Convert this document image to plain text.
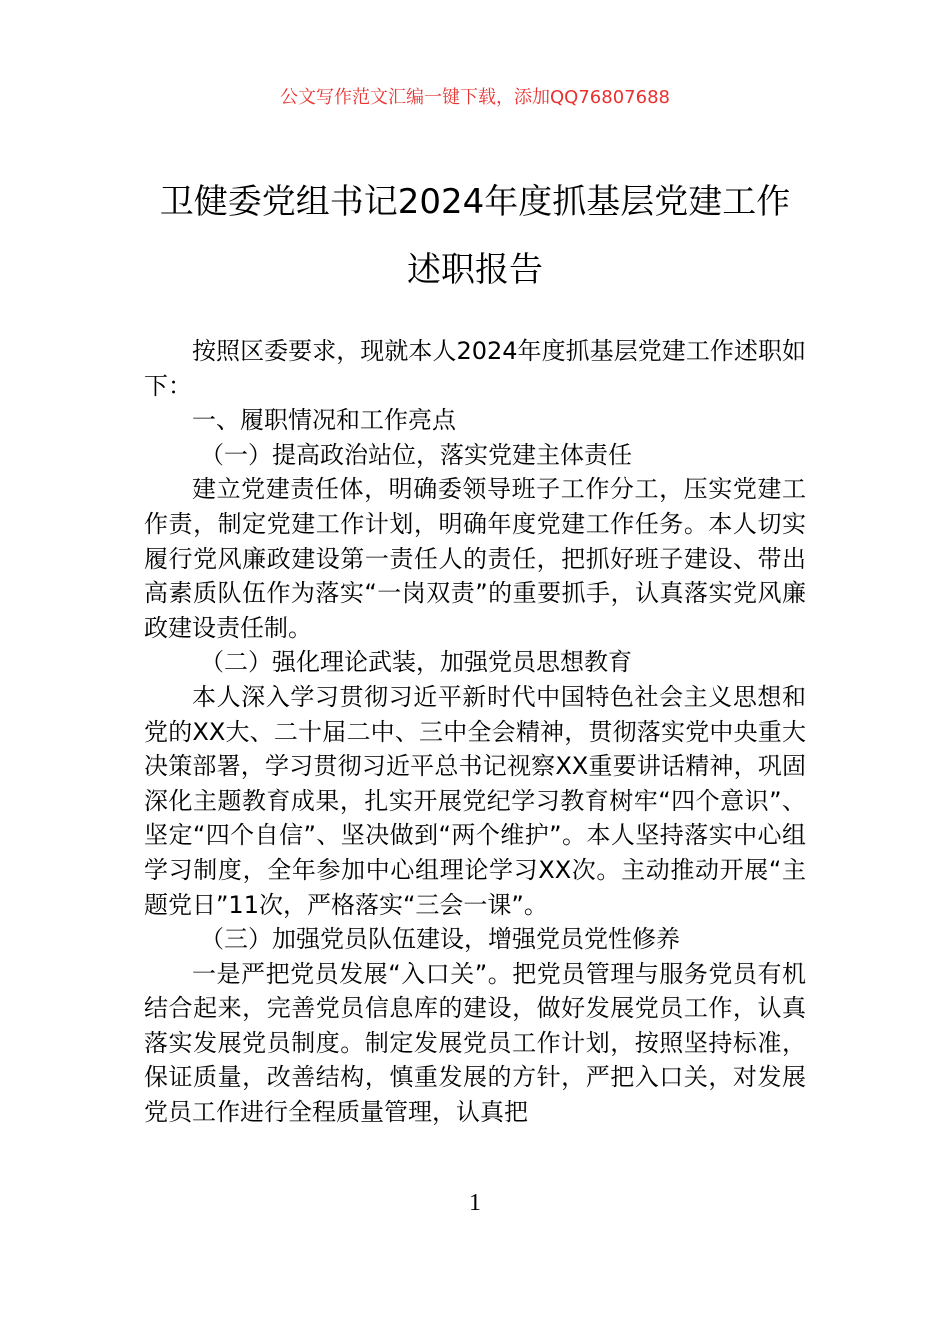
公文写作范文汇编一键下载，添加QQ76807688
卫健委党组书记2024年度抓基层党建工作
述职报告

按照区委要求，现就本人2024年度抓基层党建工作述职如下：

一、履职情况和工作亮点

（一）提高政治站位，落实党建主体责任

建立党建责任体，明确委领导班子工作分工，压实党建工作责，制定党建工作计划，明确年度党建工作任务。本人切实履行党风廉政建设第一责任人的责任，把抓好班子建设、带出高素质队伍作为落实“一岗双责”的重要抓手，认真落实党风廉政建设责任制。

（二）强化理论武装，加强党员思想教育

本人深入学习贯彻习近平新时代中国特色社会主义思想和党的XX大、二十届二中、三中全会精神，贯彻落实党中央重大决策部署，学习贯彻习近平总书记视察XX重要讲话精神，巩固深化主题教育成果，扎实开展党纪学习教育树牢“四个意识”、坚定“四个自信”、坚决做到“两个维护”。本人坚持落实中心组学习制度，全年参加中心组理论学习XX次。主动推动开展“主题党日”11次，严格落实“三会一课”。

（三）加强党员队伍建设，增强党员党性修养

一是严把党员发展“入口关”。把党员管理与服务党员有机结合起来，完善党员信息库的建设，做好发展党员工作，认真落实发展党员制度。制定发展党员工作计划，按照坚持标准，保证质量，改善结构，慎重发展的方针，严把入口关，对发展党员工作进行全程质量管理，认真把

1
